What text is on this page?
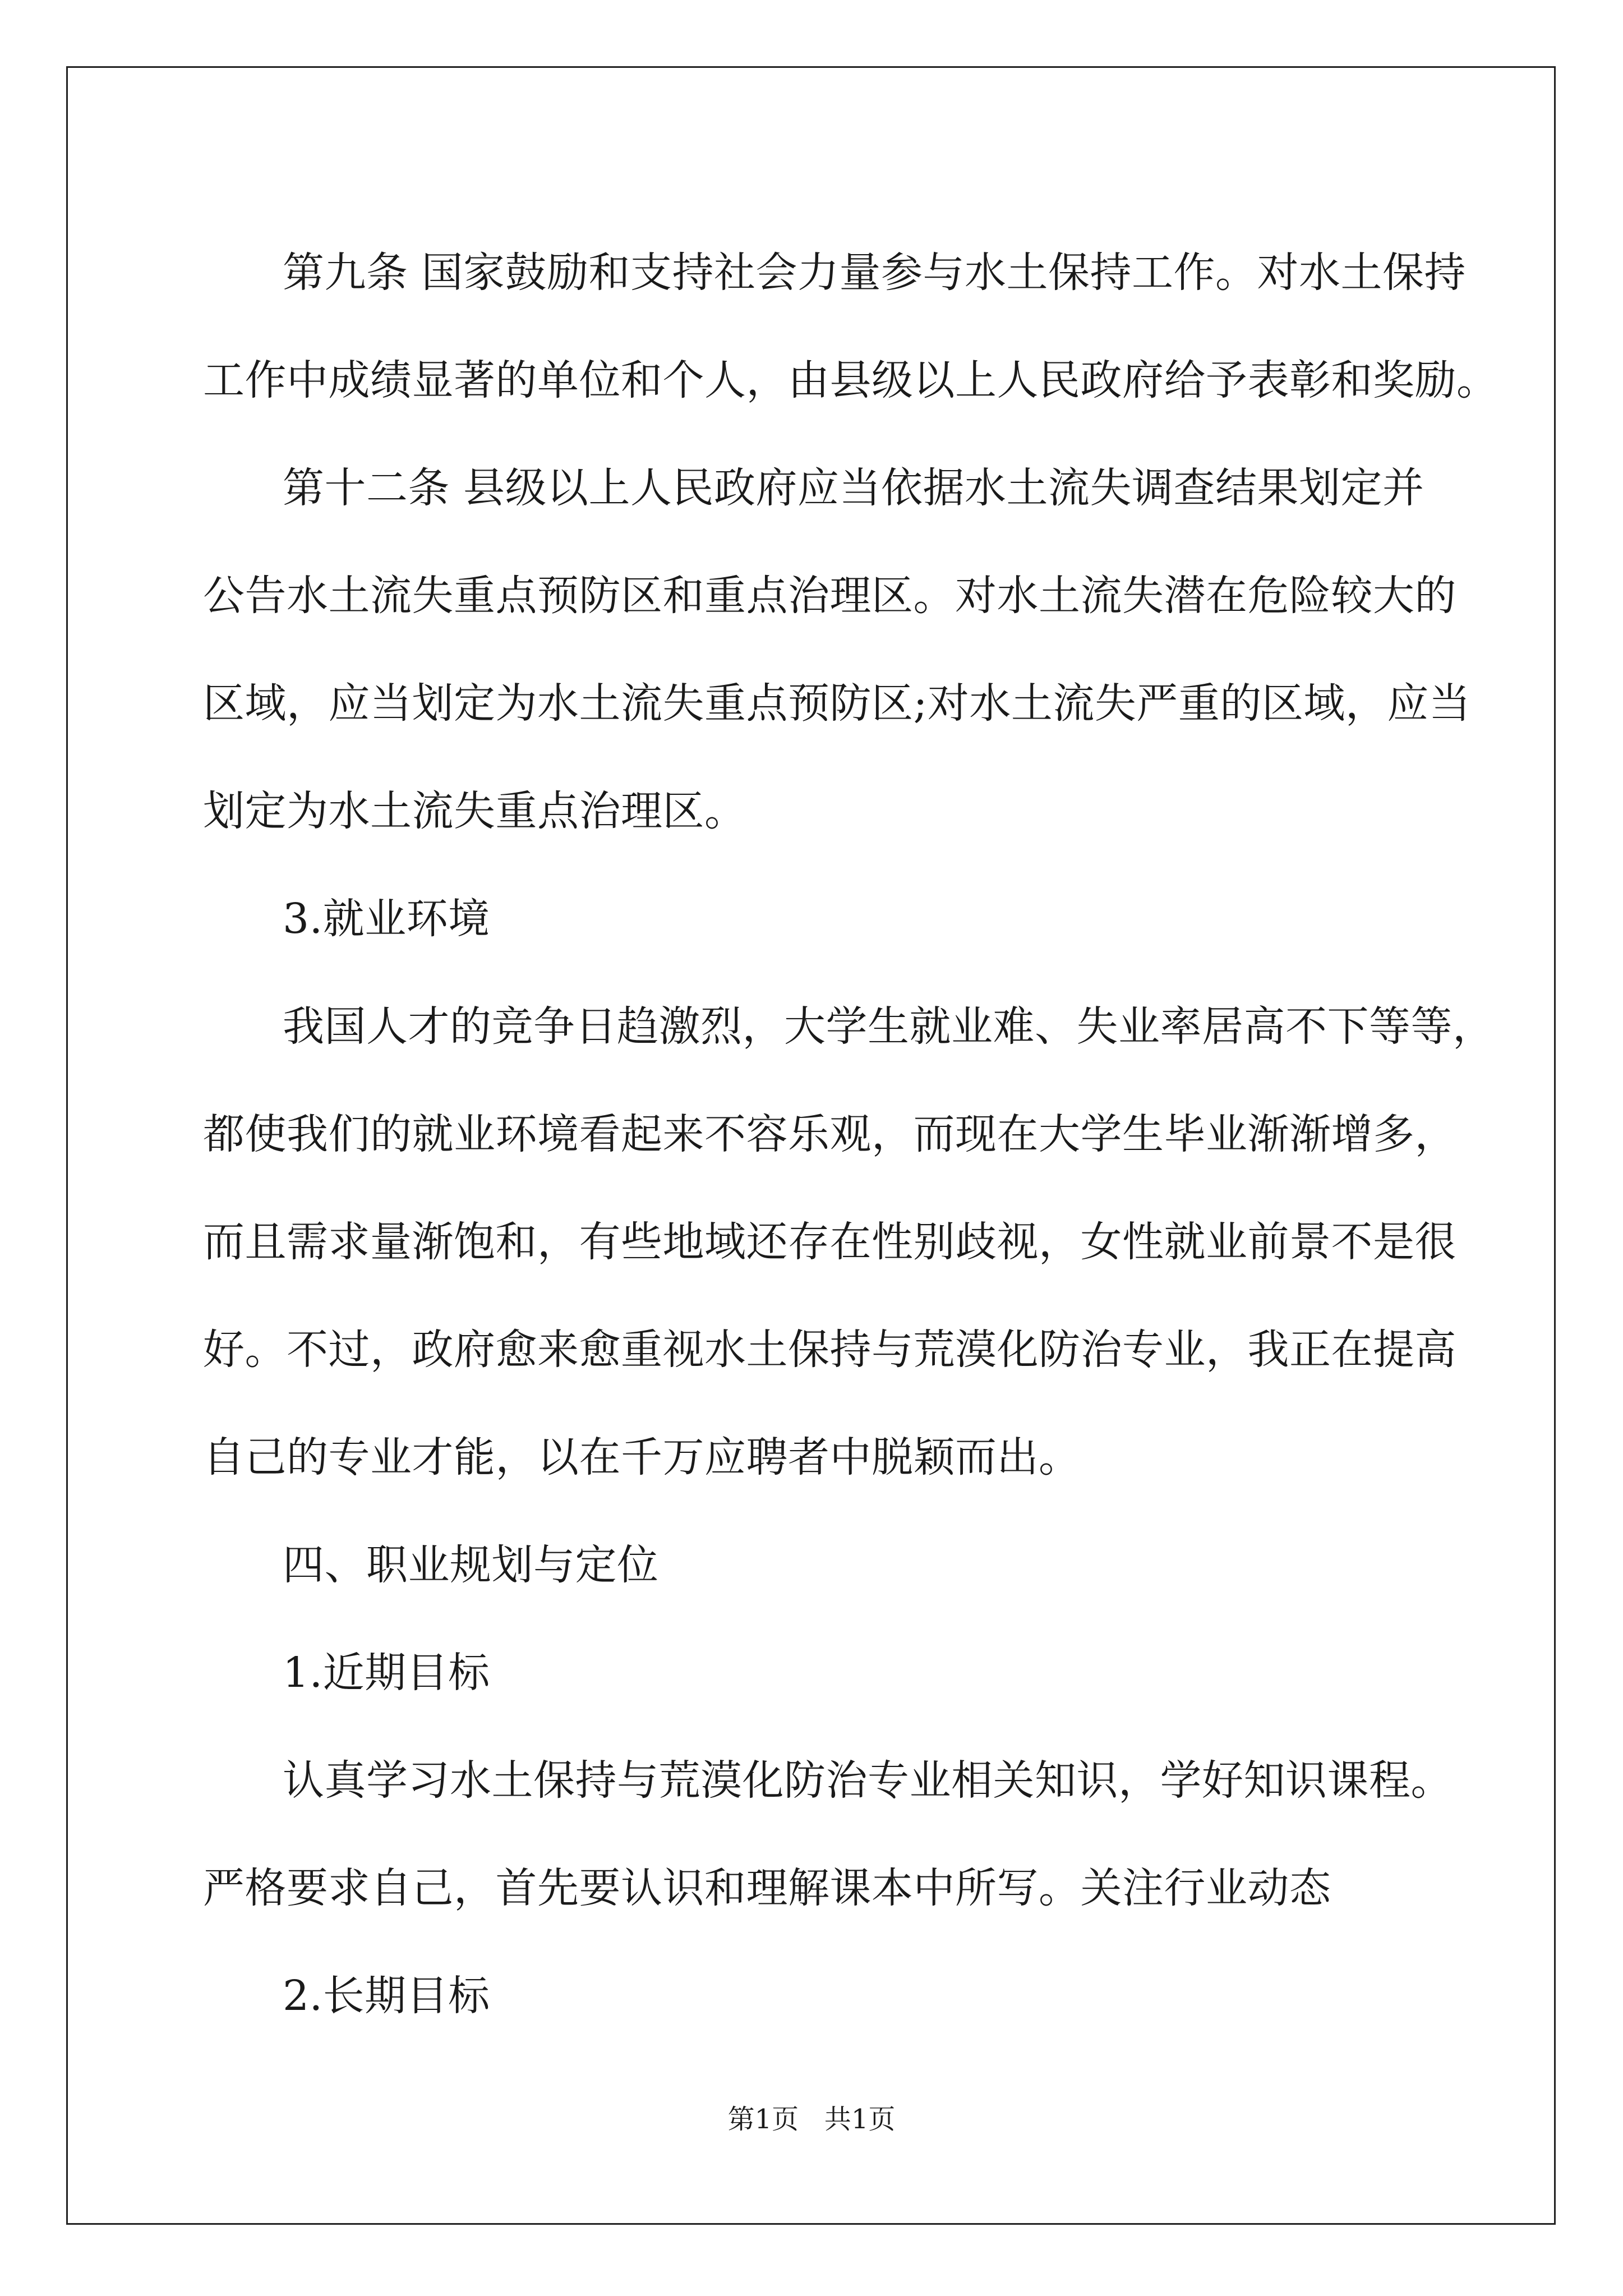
第九条 国家鼓励和支持社会力量参与水土保持工作。对水土保持
工作中成绩显著的单位和个人，由县级以上人民政府给予表彰和奖励。

第十二条 县级以上人民政府应当依据水土流失调查结果划定并
公告水土流失重点预防区和重点治理区。对水土流失潜在危险较大的
区域，应当划定为水土流失重点预防区;对水土流失严重的区域，应当
划定为水土流失重点治理区。

3.就业环境

我国人才的竞争日趋激烈，大学生就业难、失业率居高不下等等，
都使我们的就业环境看起来不容乐观，而现在大学生毕业渐渐增多，
而且需求量渐饱和，有些地域还存在性别歧视，女性就业前景不是很
好。不过，政府愈来愈重视水土保持与荒漠化防治专业，我正在提高
自己的专业才能，以在千万应聘者中脱颖而出。

四、职业规划与定位

1.近期目标

认真学习水土保持与荒漠化防治专业相关知识，学好知识课程。
严格要求自己，首先要认识和理解课本中所写。关注行业动态

2.长期目标

第1页 共1页
